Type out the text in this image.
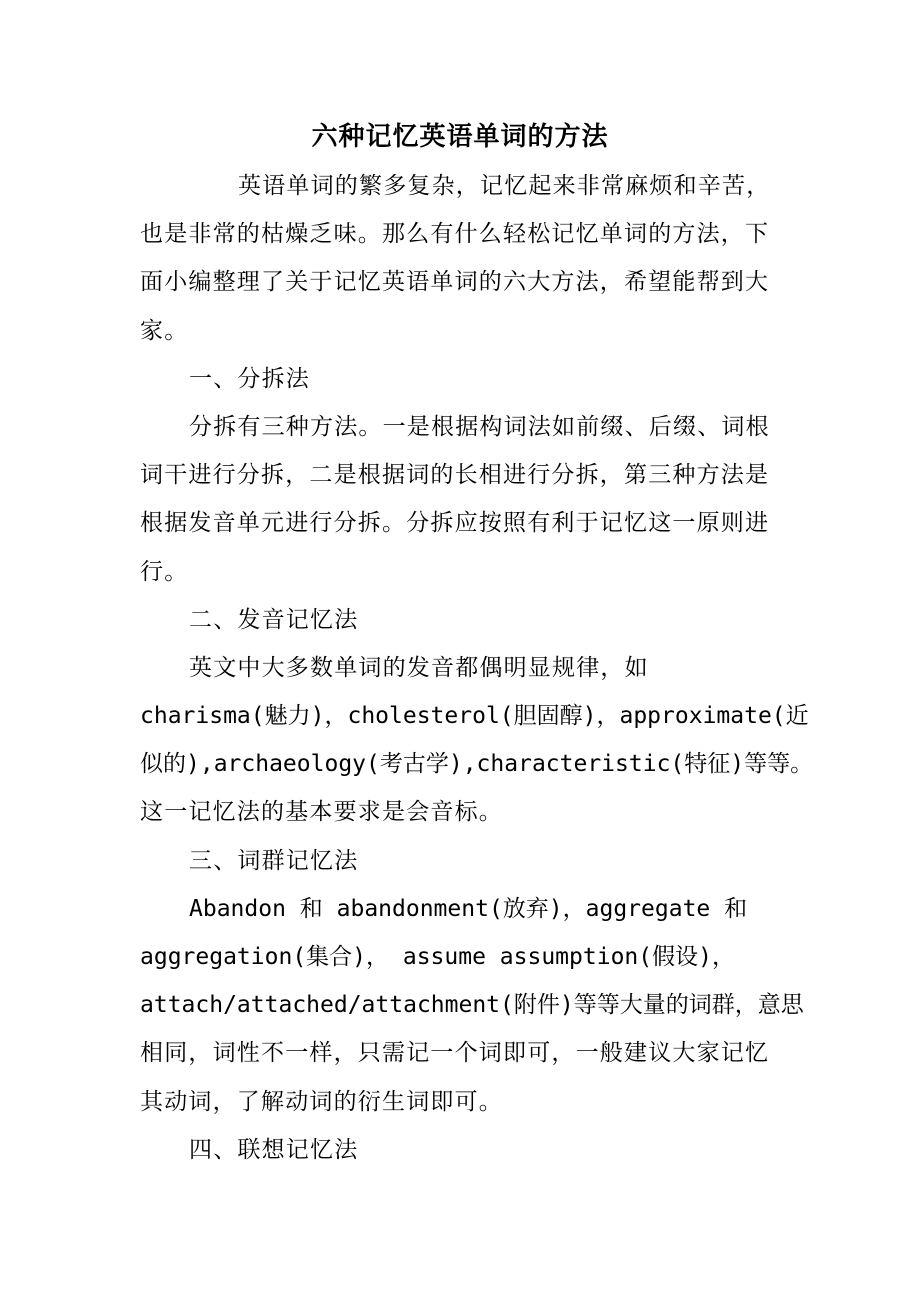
六种记忆英语单词的方法
英语单词的繁多复杂，记忆起来非常麻烦和辛苦，
也是非常的枯燥乏味。那么有什么轻松记忆单词的方法，下
面小编整理了关于记忆英语单词的六大方法，希望能帮到大
家。
一、分拆法
分拆有三种方法。一是根据构词法如前缀、后缀、词根
词干进行分拆，二是根据词的长相进行分拆，第三种方法是
根据发音单元进行分拆。分拆应按照有利于记忆这一原则进
行。
二、发音记忆法
英文中大多数单词的发音都偶明显规律，如
charisma(魅力)，cholesterol(胆固醇)，approximate(近
似的),archaeology(考古学),characteristic(特征)等等。
这一记忆法的基本要求是会音标。
三、词群记忆法
Abandon 和 abandonment(放弃)，aggregate 和
aggregation(集合)， assume assumption(假设)，
attach/attached/attachment(附件)等等大量的词群，意思
相同，词性不一样，只需记一个词即可，一般建议大家记忆
其动词，了解动词的衍生词即可。
四、联想记忆法
